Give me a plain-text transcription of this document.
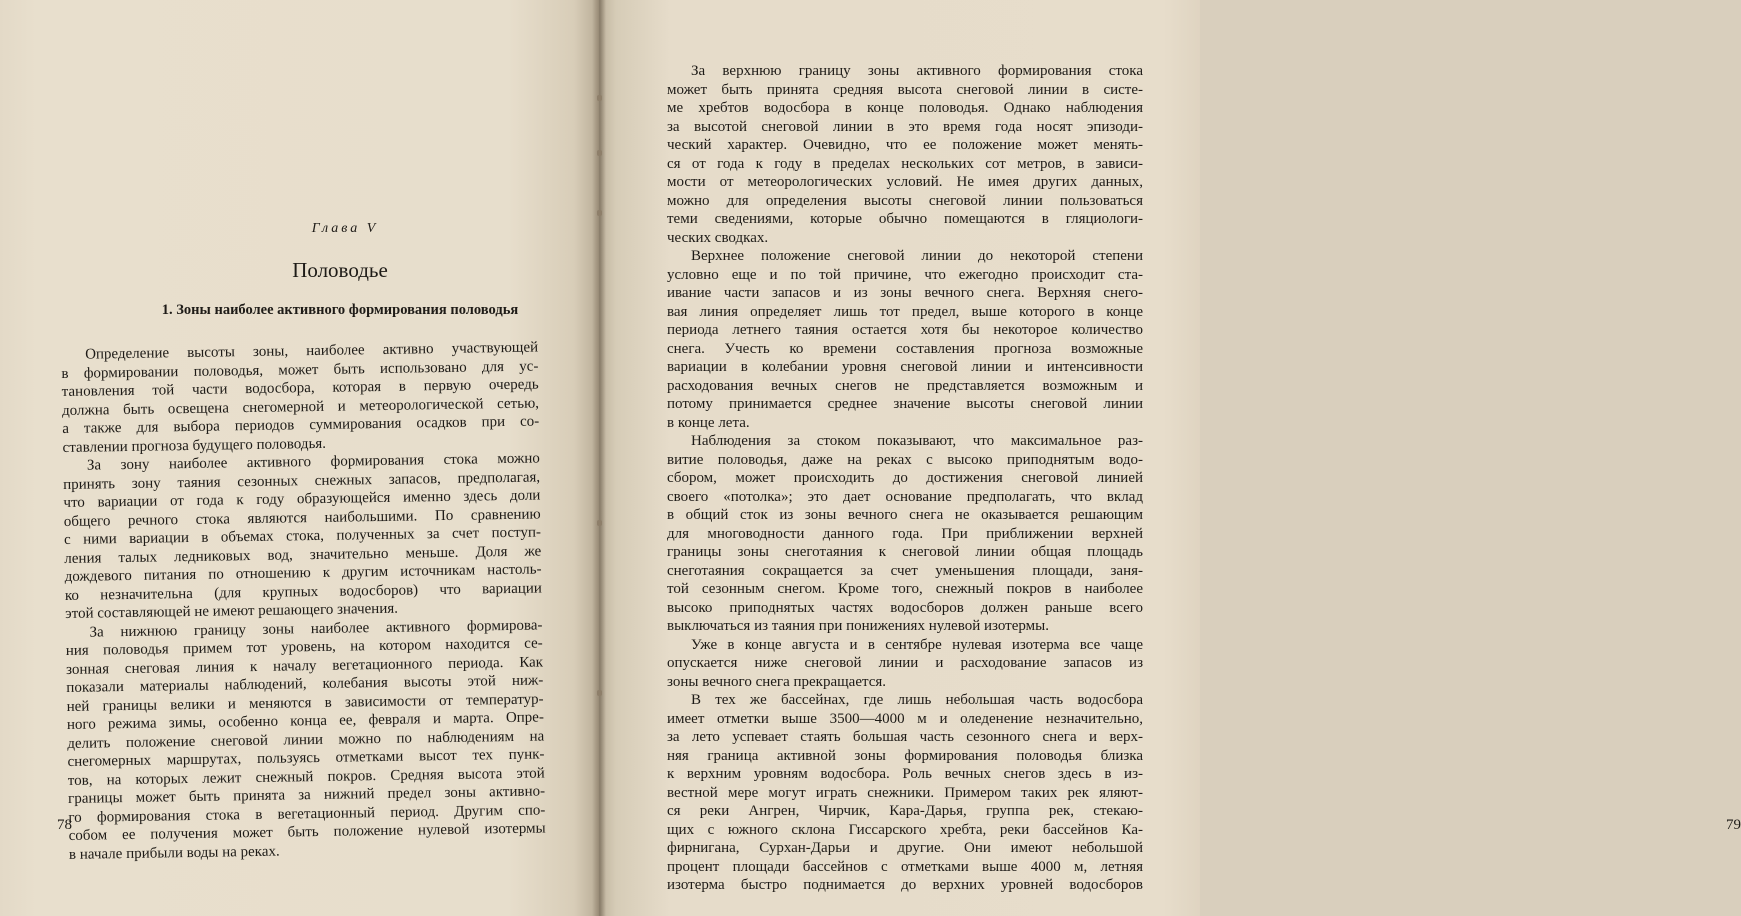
Глава V
Половодье
1. Зоны наиболее активного формирования половодья
Определение высоты зоны, наиболее активно участвующей
в формировании половодья, может быть использовано для ус-
тановления той части водосбора, которая в первую очередь
должна быть освещена снегомерной и метеорологической сетью,
а также для выбора периодов суммирования осадков при со-
ставлении прогноза будущего половодья.
За зону наиболее активного формирования стока можно
принять зону таяния сезонных снежных запасов, предполагая,
что вариации от года к году образующейся именно здесь доли
общего речного стока являются наибольшими. По сравнению
с ними вариации в объемах стока, полученных за счет поступ-
ления талых ледниковых вод, значительно меньше. Доля же
дождевого питания по отношению к другим источникам настоль-
ко незначительна (для крупных водосборов) что вариации
этой составляющей не имеют решающего значения.
За нижнюю границу зоны наиболее активного формирова-
ния половодья примем тот уровень, на котором находится се-
зонная снеговая линия к началу вегетационного периода. Как
показали материалы наблюдений, колебания высоты этой ниж-
ней границы велики и меняются в зависимости от температур-
ного режима зимы, особенно конца ее, февраля и марта. Опре-
делить положение снеговой линии можно по наблюдениям на
снегомерных маршрутах, пользуясь отметками высот тех пунк-
тов, на которых лежит снежный покров. Средняя высота этой
границы может быть принята за нижний предел зоны активно-
го формирования стока в вегетационный период. Другим спо-
собом ее получения может быть положение нулевой изотермы
в начале прибыли воды на реках.
78	79
За верхнюю границу зоны активного формирования стока
может быть принята средняя высота снеговой линии в систе-
ме хребтов водосбора в конце половодья. Однако наблюдения
за высотой снеговой линии в это время года носят эпизоди-
ческий характер. Очевидно, что ее положение может менять-
ся от года к году в пределах нескольких сот метров, в зависи-
мости от метеорологических условий. Не имея других данных,
можно для определения высоты снеговой линии пользоваться
теми сведениями, которые обычно помещаются в гляциологи-
ческих сводках.
Верхнее положение снеговой линии до некоторой степени
условно еще и по той причине, что ежегодно происходит ста-
ивание части запасов и из зоны вечного снега. Верхняя снего-
вая линия определяет лишь тот предел, выше которого в конце
периода летнего таяния остается хотя бы некоторое количество
снега. Учесть ко времени составления прогноза возможные
вариации в колебании уровня снеговой линии и интенсивности
расходования вечных снегов не представляется возможным и
потому принимается среднее значение высоты снеговой линии
в конце лета.
Наблюдения за стоком показывают, что максимальное раз-
витие половодья, даже на реках с высоко приподнятым водо-
сбором, может происходить до достижения снеговой линией
своего «потолка»; это дает основание предполагать, что вклад
в общий сток из зоны вечного снега не оказывается решающим
для многоводности данного года. При приближении верхней
границы зоны снеготаяния к снеговой линии общая площадь
снеготаяния сокращается за счет уменьшения площади, заня-
той сезонным снегом. Кроме того, снежный покров в наиболее
высоко приподнятых частях водосборов должен раньше всего
выключаться из таяния при понижениях нулевой изотермы.
Уже в конце августа и в сентябре нулевая изотерма все чаще
опускается ниже снеговой линии и расходование запасов из
зоны вечного снега прекращается.
В тех же бассейнах, где лишь небольшая часть водосбора
имеет отметки выше 3500—4000 м и оледенение незначительно,
за лето успевает стаять большая часть сезонного снега и верх-
няя граница активной зоны формирования половодья близка
к верхним уровням водосбора. Роль вечных снегов здесь в из-
вестной мере могут играть снежники. Примером таких рек яляют-
ся реки Ангрен, Чирчик, Кара-Дарья, группа рек, стекаю-
щих с южного склона Гиссарского хребта, реки бассейнов Ка-
фирнигана, Сурхан-Дарьи и другие. Они имеют небольшой
процент площади бассейнов с отметками выше 4000 м, летняя
изотерма быстро поднимается до верхних уровней водосборов
